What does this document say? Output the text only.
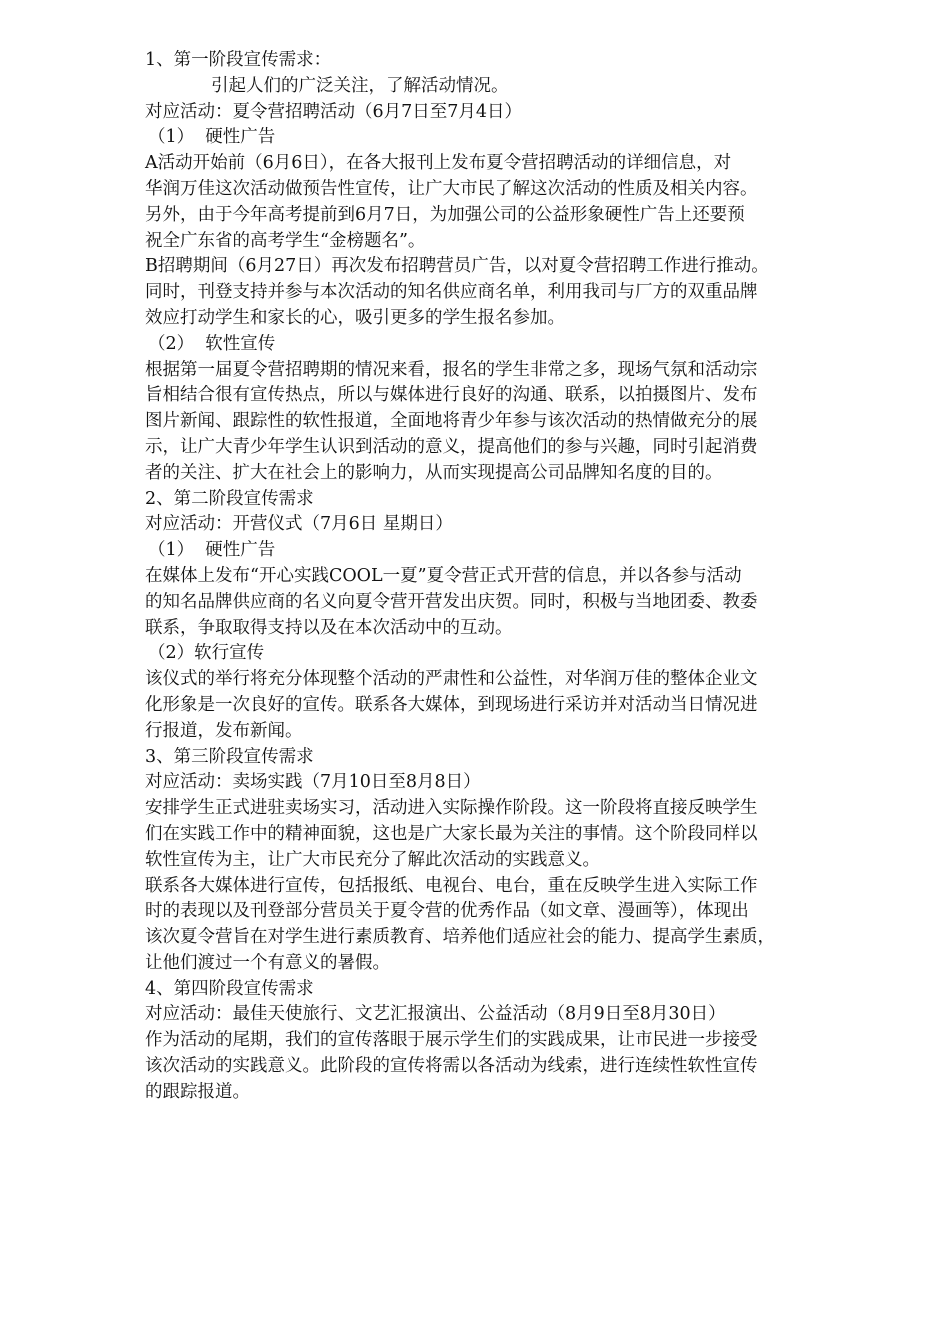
1、第一阶段宣传需求：

引起人们的广泛关注，了解活动情况。

对应活动：夏令营招聘活动（6月7日至7月4日）

（1）  硬性广告

A活动开始前（6月6日），在各大报刊上发布夏令营招聘活动的详细信息，对

华润万佳这次活动做预告性宣传，让广大市民了解这次活动的性质及相关内容。

另外，由于今年高考提前到6月7日，为加强公司的公益形象硬性广告上还要预

祝全广东省的高考学生“金榜题名”。

B招聘期间（6月27日）再次发布招聘营员广告，以对夏令营招聘工作进行推动。

同时，刊登支持并参与本次活动的知名供应商名单，利用我司与厂方的双重品牌

效应打动学生和家长的心，吸引更多的学生报名参加。

（2）  软性宣传

根据第一届夏令营招聘期的情况来看，报名的学生非常之多，现场气氛和活动宗

旨相结合很有宣传热点，所以与媒体进行良好的沟通、联系，以拍摄图片、发布

图片新闻、跟踪性的软性报道，全面地将青少年参与该次活动的热情做充分的展

示，让广大青少年学生认识到活动的意义，提高他们的参与兴趣，同时引起消费

者的关注、扩大在社会上的影响力，从而实现提高公司品牌知名度的目的。

2、第二阶段宣传需求

对应活动：开营仪式（7月6日 星期日）

（1）  硬性广告

在媒体上发布“开心实践COOL一夏”夏令营正式开营的信息，并以各参与活动

的知名品牌供应商的名义向夏令营开营发出庆贺。同时，积极与当地团委、教委

联系，争取取得支持以及在本次活动中的互动。

（2）软行宣传

该仪式的举行将充分体现整个活动的严肃性和公益性，对华润万佳的整体企业文

化形象是一次良好的宣传。联系各大媒体，到现场进行采访并对活动当日情况进

行报道，发布新闻。

3、第三阶段宣传需求

对应活动：卖场实践（7月10日至8月8日）

安排学生正式进驻卖场实习，活动进入实际操作阶段。这一阶段将直接反映学生

们在实践工作中的精神面貌，这也是广大家长最为关注的事情。这个阶段同样以

软性宣传为主，让广大市民充分了解此次活动的实践意义。

联系各大媒体进行宣传，包括报纸、电视台、电台，重在反映学生进入实际工作

时的表现以及刊登部分营员关于夏令营的优秀作品（如文章、漫画等），体现出

该次夏令营旨在对学生进行素质教育、培养他们适应社会的能力、提高学生素质，

让他们渡过一个有意义的暑假。

4、第四阶段宣传需求

对应活动：最佳天使旅行、文艺汇报演出、公益活动（8月9日至8月30日）

作为活动的尾期，我们的宣传落眼于展示学生们的实践成果，让市民进一步接受

该次活动的实践意义。此阶段的宣传将需以各活动为线索，进行连续性软性宣传

的跟踪报道。
